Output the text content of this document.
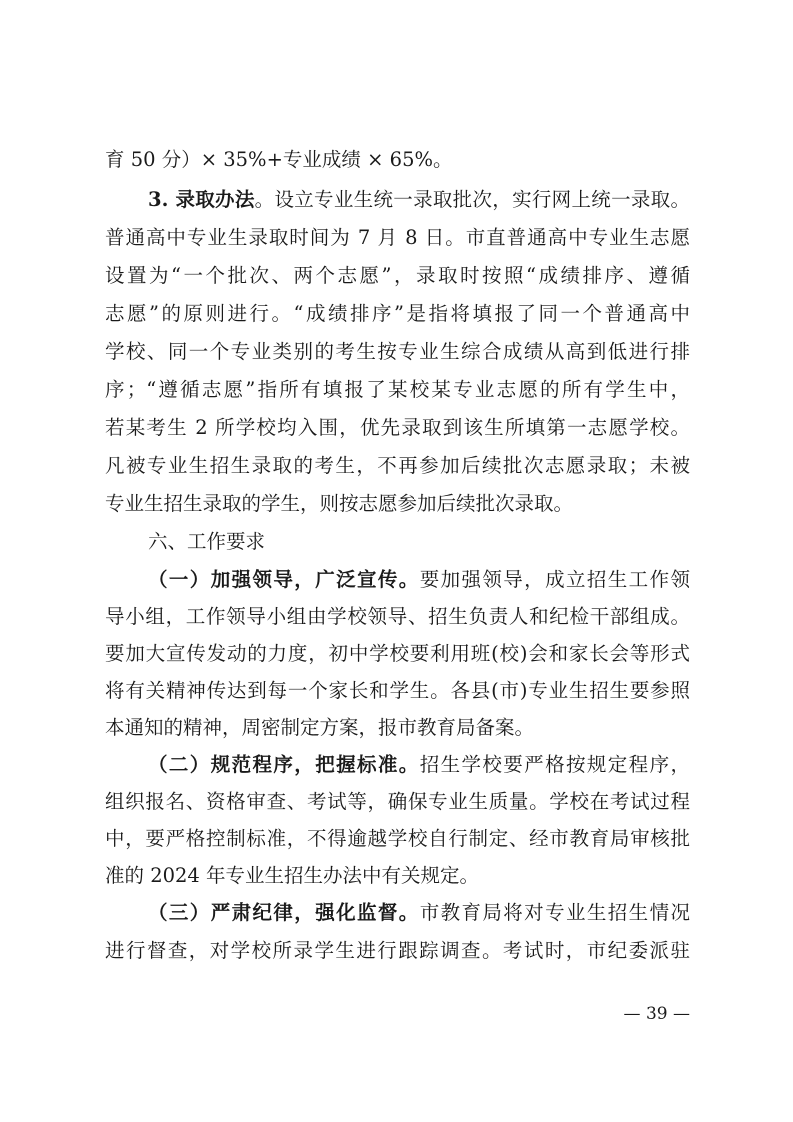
育 50 分）× 35%+专业成绩 × 65%。
3. 录取办法。设立专业生统一录取批次，实行网上统一录取。
普通高中专业生录取时间为 7 月 8 日。市直普通高中专业生志愿
设置为“一个批次、两个志愿”，录取时按照“成绩排序、遵循
志愿”的原则进行。“成绩排序”是指将填报了同一个普通高中
学校、同一个专业类别的考生按专业生综合成绩从高到低进行排
序；“遵循志愿”指所有填报了某校某专业志愿的所有学生中，
若某考生 2 所学校均入围，优先录取到该生所填第一志愿学校。
凡被专业生招生录取的考生，不再参加后续批次志愿录取；未被
专业生招生录取的学生，则按志愿参加后续批次录取。
六、工作要求
（一）加强领导，广泛宣传。要加强领导，成立招生工作领
导小组，工作领导小组由学校领导、招生负责人和纪检干部组成。
要加大宣传发动的力度，初中学校要利用班(校)会和家长会等形式
将有关精神传达到每一个家长和学生。各县(市)专业生招生要参照
本通知的精神，周密制定方案，报市教育局备案。
（二）规范程序，把握标准。招生学校要严格按规定程序，
组织报名、资格审查、考试等，确保专业生质量。学校在考试过程
中，要严格控制标准，不得逾越学校自行制定、经市教育局审核批
准的 2024 年专业生招生办法中有关规定。
（三）严肃纪律，强化监督。市教育局将对专业生招生情况
进行督查，对学校所录学生进行跟踪调查。考试时，市纪委派驻
— 39 —
